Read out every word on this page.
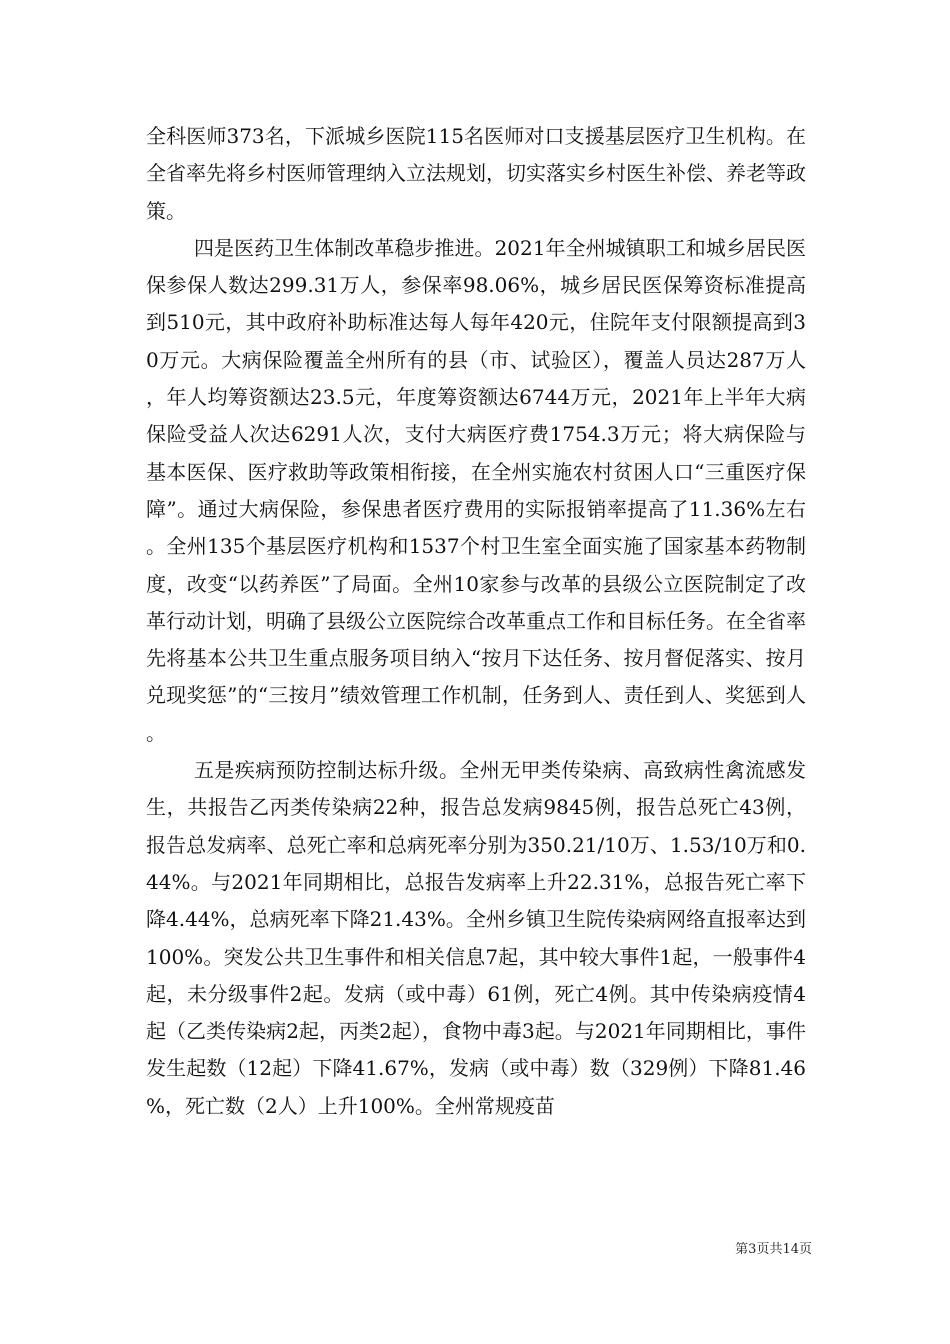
全科医师373名，下派城乡医院115名医师对口支援基层医疗卫生机构。在全省率先将乡村医师管理纳入立法规划，切实落实乡村医生补偿、养老等政策。

四是医药卫生体制改革稳步推进。2021年全州城镇职工和城乡居民医保参保人数达299.31万人，参保率98.06%，城乡居民医保筹资标准提高到510元，其中政府补助标准达每人每年420元，住院年支付限额提高到30万元。大病保险覆盖全州所有的县（市、试验区），覆盖人员达287万人，年人均筹资额达23.5元，年度筹资额达6744万元，2021年上半年大病保险受益人次达6291人次，支付大病医疗费1754.3万元；将大病保险与基本医保、医疗救助等政策相衔接，在全州实施农村贫困人口“三重医疗保障”。通过大病保险，参保患者医疗费用的实际报销率提高了11.36%左右。全州135个基层医疗机构和1537个村卫生室全面实施了国家基本药物制度，改变“以药养医”了局面。全州10家参与改革的县级公立医院制定了改革行动计划，明确了县级公立医院综合改革重点工作和目标任务。在全省率先将基本公共卫生重点服务项目纳入“按月下达任务、按月督促落实、按月兑现奖惩”的“三按月”绩效管理工作机制，任务到人、责任到人、奖惩到人。

五是疾病预防控制达标升级。全州无甲类传染病、高致病性禽流感发生，共报告乙丙类传染病22种，报告总发病9845例，报告总死亡43例，报告总发病率、总死亡率和总病死率分别为350.21/10万、1.53/10万和0.44%。与2021年同期相比，总报告发病率上升22.31%，总报告死亡率下降4.44%，总病死率下降21.43%。全州乡镇卫生院传染病网络直报率达到100%。突发公共卫生事件和相关信息7起，其中较大事件1起，一般事件4起，未分级事件2起。发病（或中毒）61例，死亡4例。其中传染病疫情4起（乙类传染病2起，丙类2起），食物中毒3起。与2021年同期相比，事件发生起数（12起）下降41.67%，发病（或中毒）数（329例）下降81.46%，死亡数（2人）上升100%。全州常规疫苗

第3页共14页
